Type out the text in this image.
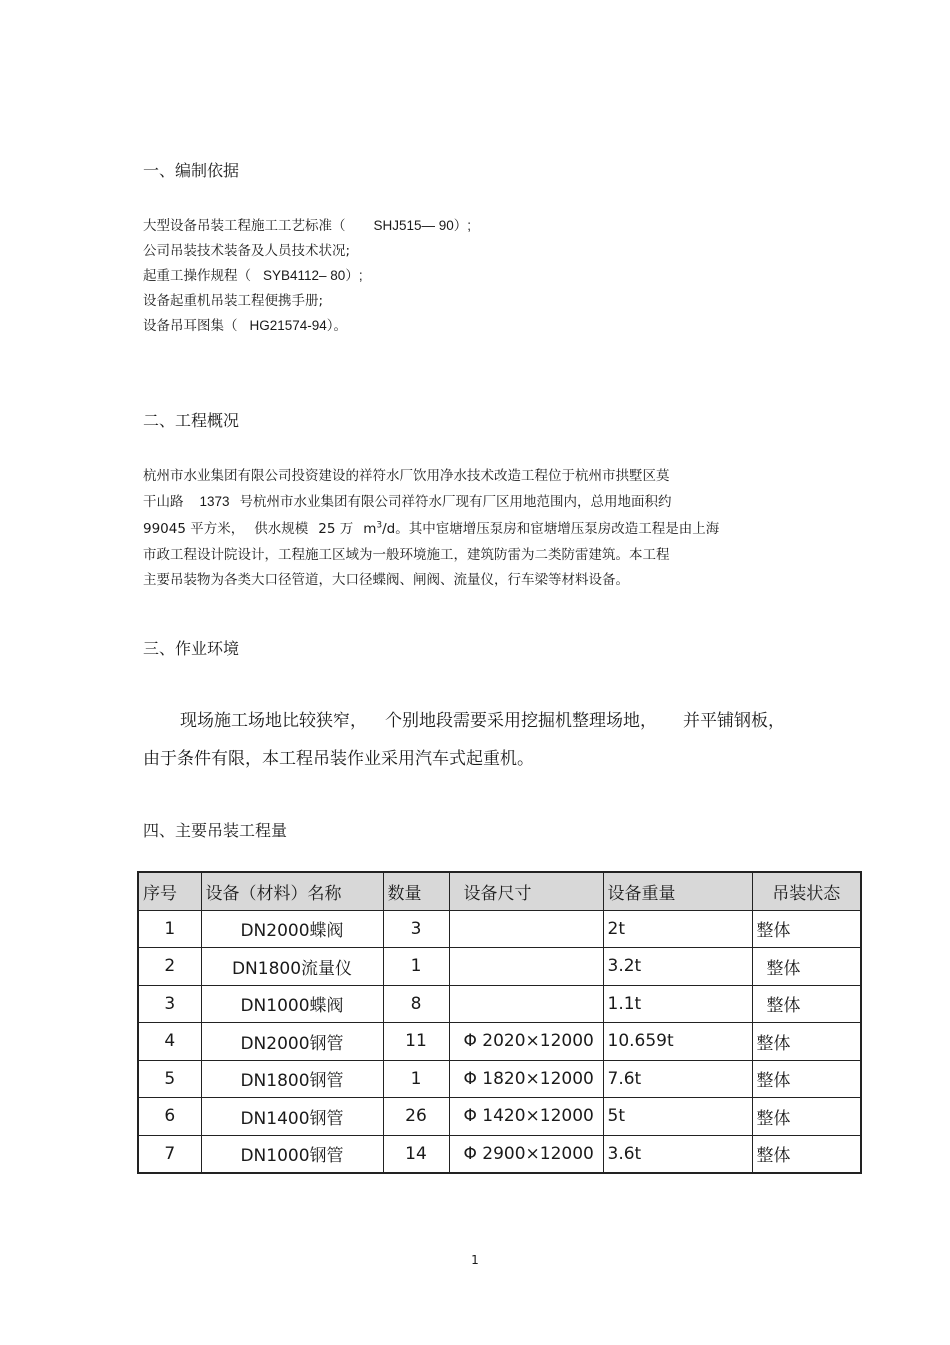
一、编制依据
大型设备吊装工程施工工艺标准（ SHJ515— 90）;
公司吊装技术装备及人员技术状况;
起重工操作规程（ SYB4112– 80）;
设备起重机吊装工程便携手册;
设备吊耳图集（ HG21574-94）。
二、工程概况
杭州市水业集团有限公司投资建设的祥符水厂饮用净水技术改造工程位于杭州市拱墅区莫
干山路 1373 号杭州市水业集团有限公司祥符水厂现有厂区用地范围内，总用地面积约
99045 平方米， 供水规模 25 万 $m^3/d$。其中宦塘增压泵房和宦塘增压泵房改造工程是由上海
市政工程设计院设计，工程施工区域为一般环境施工，建筑防雷为二类防雷建筑。本工程
主要吊装物为各类大口径管道，大口径蝶阀、闸阀、流量仪，行车梁等材料设备。
三、作业环境
现场施工场地比较狭窄， 个别地段需要采用挖掘机整理场地， 并平铺钢板，
由于条件有限，本工程吊装作业采用汽车式起重机。
四、主要吊装工程量
序号	设备（材料）名称	数量	设备尺寸	设备重量	吊装状态
1	DN2000蝶阀	3		2t	整体
2	DN1800流量仪	1		3.2t	整体
3	DN1000蝶阀	8		1.1t	整体
4	DN2000钢管	11	Φ 2020×12000	10.659t	整体
5	DN1800钢管	1	Φ 1820×12000	7.6t	整体
6	DN1400钢管	26	Φ 1420×12000	5t	整体
7	DN1000钢管	14	Φ 2900×12000	3.6t	整体
1
